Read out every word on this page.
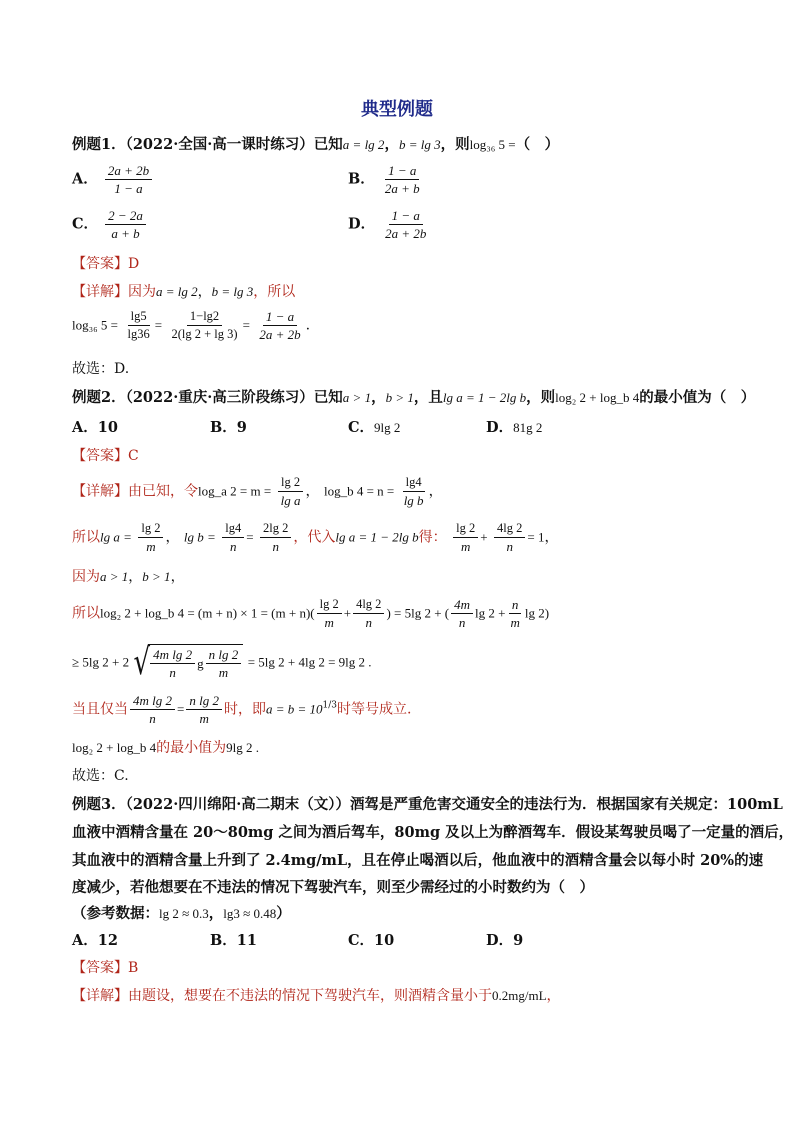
典型例题
例题1．（2022·全国·高一课时练习）已知a = lg 2，b = lg 3，则log₃₆ 5 =（　）
A． $\frac{2a + 2b}{1 - a}$	B． $\frac{1 - a}{2a + b}$
C． $\frac{2 - 2a}{a + b}$	D． $\frac{1 - a}{2a + 2b}$
【答案】D
【详解】因为a = lg 2，b = lg 3，所以
log₃₆ $5 = \frac{\lg 5}{\lg 36} = \frac{1-\lg 2}{2(\lg 2 + \lg 3)} = \frac{1 - a}{2a + 2b}$ .
故选：D.
例题2．（2022·重庆·高三阶段练习）已知a > 1，b > 1，且lg a = 1 − 2lg b，则log₂ 2 + log_b 4的最小值为（　）
A．10	B．9	C．9lg 2	D．81g 2
【答案】C
【详解】由已知，令log_a $2 = m = \frac{\lg 2}{\text{lg a}}$ ， log_b $4 = n = \frac{\lg 4}{\text{lg b}}$ ，
所以$\lg a = \frac{\lg 2}{m}$ ， $\lg b = \frac{\lg 4}{n} = \frac{2\lg 2}{n}$ ，代入lg a = 1 − 2lg b得： $\frac{\lg 2}{m} + \frac{4\lg 2}{n} = 1$，
因为a > 1，b > 1，
所以log₂ 2 + log_b $4 = (m + n) \times 1 = (m + n)( \frac{\lg 2}{m} + \frac{4\lg 2}{n}$ ) = 5lg 2 + ( $\frac{4m}{n}$ $\lg 2 + \frac{n}{m}$ lg 2)
≥ 5lg 2 + 2 √ $\frac{\text{4m lg 2}}{n}$ g $\frac{\text{n lg 2}}{m} = 5\lg$ 2 + 4lg 2 = 9lg 2 .
当且仅当 $\frac{\text{4m lg 2}}{n} = \frac{\text{n lg 2}}{m}$ 时，即$a = b = 10^{1/3}$时等号成立.
log₂ 2 + log_b 4的最小值为9lg 2 .
故选：C.
例题3．（2022·四川绵阳·高二期末（文））酒驾是严重危害交通安全的违法行为．根据国家有关规定：100mL
血液中酒精含量在 20～80mg 之间为酒后驾车，80mg 及以上为醉酒驾车．假设某驾驶员喝了一定量的酒后，
其血液中的酒精含量上升到了 2.4mg/mL，且在停止喝酒以后，他血液中的酒精含量会以每小时 20%的速
度减少，若他想要在不违法的情况下驾驶汽车，则至少需经过的小时数约为（　）
（参考数据：lg 2 ≈ 0.3，lg3 ≈ 0.48）
A．12	B．11	C．10	D．9
【答案】B
【详解】由题设，想要在不违法的情况下驾驶汽车，则酒精含量小于0.2mg/mL，
